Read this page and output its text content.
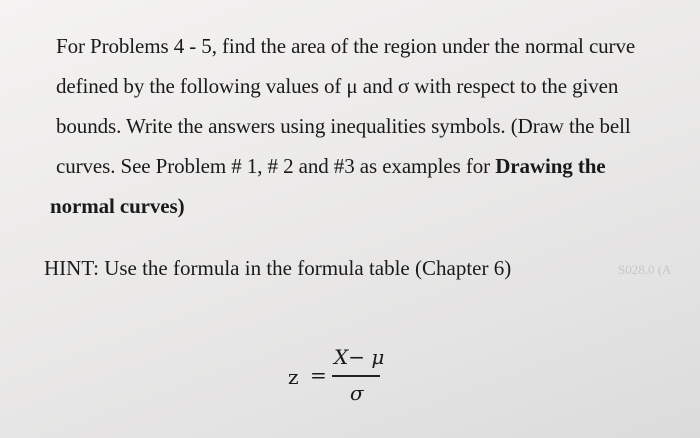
S028.0 (A
For Problems 4 - 5, find the area of the region under the normal curve
defined by the following values of μ and σ with respect to the given
bounds. Write the answers using inequalities symbols. (Draw the bell
curves. See Problem # 1, # 2 and #3 as examples for Drawing the
normal curves)
HINT: Use the formula in the formula table (Chapter 6)
z =
X− μ
σ
